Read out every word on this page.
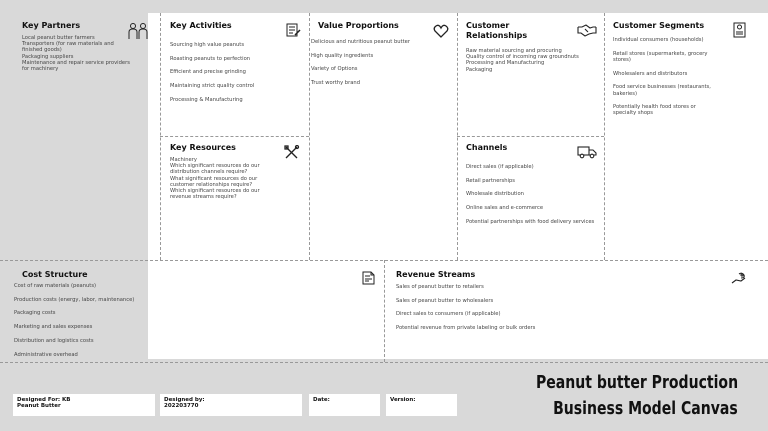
Key Partners

Local peanut butter farmers

Transporters (for raw materials and finished goods)

Packaging suppliers

Maintenance and repair service providers for machinery

Key Activities

Sourcing high value peanuts

Roasting peanuts to perfection

Efficient and precise grinding

Maintaining strict quality control

Processing & Manufacturing

Key Resources

Machinery

Which significant resources do our distribution channels require?

What significant resources do our customer relationships require?

Which significant resources do our revenue streams require?

Value Proportions

Delicious and nutritious peanut butter

High quality ingredients

Variety of Options

Trust worthy brand

Customer Relationships

Raw material sourcing and procuring

Quality control of incoming raw groundnuts

Processing and Manufacturing

Packaging

Channels

Direct sales (if applicable)

Retail partnerships

Wholesale distribution

Online sales and e-commerce

Potential partnerships with food delivery services

Customer Segments

Individual consumers (households)

Retail stores (supermarkets, grocery stores)

Wholesalers and distributors

Food service businesses (restaurants, bakeries)

Potentially health food stores or specialty shops

Cost Structure

Cost of raw materials (peanuts)

Production costs (energy, labor, maintenance)

Packaging costs

Marketing and sales expenses

Distribution and logistics costs

Administrative overhead

Revenue Streams

Sales of peanut butter to retailers

Sales of peanut butter to wholesalers

Direct sales to consumers (if applicable)

Potential revenue from private labeling or bulk orders

Designed For: KB
Peanut Butter
Designed by:
202203770
Date:	Version:
Peanut butter Production
Business Model Canvas
